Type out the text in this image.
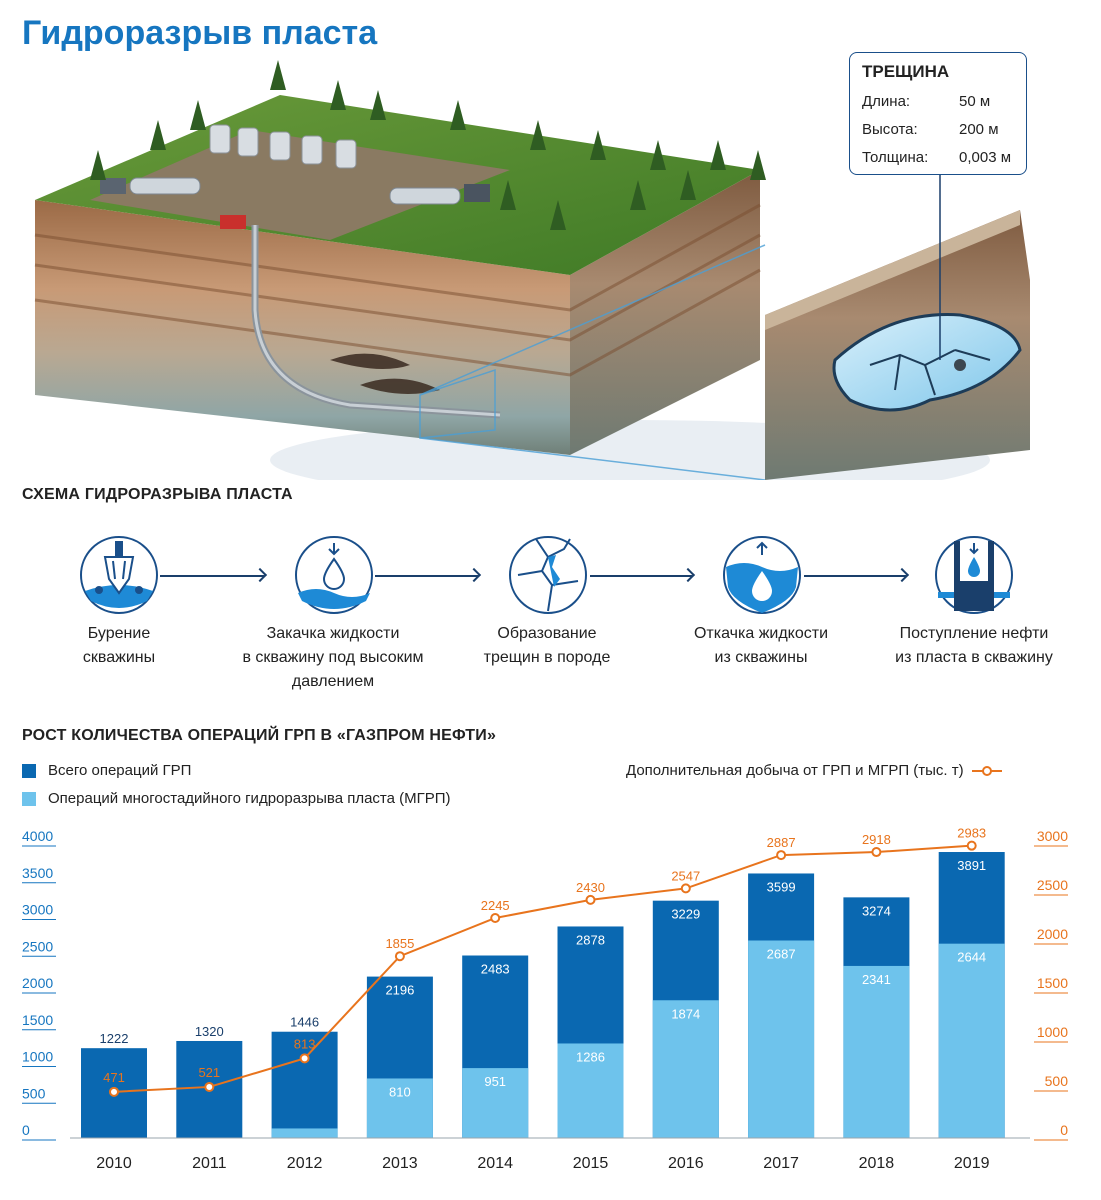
Гидроразрыв пласта
ТРЕЩИНА
Длина:	50 м
Высота:	200 м
Толщина:	0,003 м
СХЕМА ГИДРОРАЗРЫВА ПЛАСТА
Бурение
скважины
Закачка жидкости
в скважину под высоким
давлением
Образование
трещин в породе
Откачка жидкости
из скважины
Поступление нефти
из пласта в скважину
РОСТ КОЛИЧЕСТВА ОПЕРАЦИЙ ГРП В «ГАЗПРОМ НЕФТИ»
Всего операций ГРП
Операций многостадийного гидроразрыва пласта (МГРП)
Дополнительная добыча от ГРП и МГРП (тыс. т)
0
500
1000
1500
2000
2500
3000
3500
4000
0
500
1000
1500
2000
2500
3000
1222
2010
1320
2011
1446
2012
810
2196
2013
951
2483
2014
1286
2878
2015
1874
3229
2016
2687
3599
2017
2341
3274
2018
2644
3891
2019
471	521
813
1855
2245
2430
2547
2887	2918	2983
